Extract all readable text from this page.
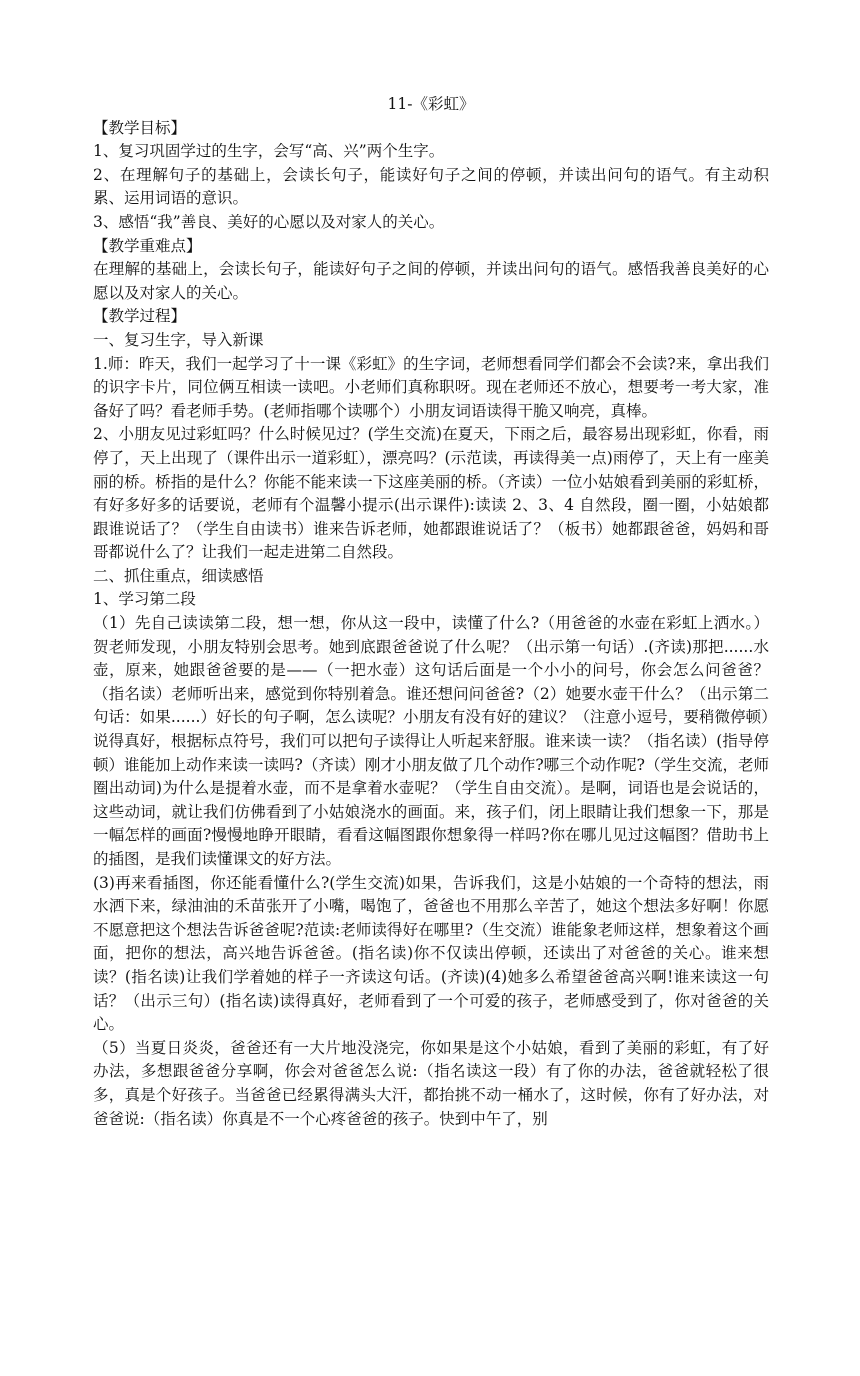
11-《彩虹》

【教学目标】

1、复习巩固学过的生字，会写“高、兴”两个生字。

2、在理解句子的基础上，会读长句子，能读好句子之间的停顿，并读出问句的语气。有主动积累、运用词语的意识。

3、感悟“我”善良、美好的心愿以及对家人的关心。

【教学重难点】

在理解的基础上，会读长句子，能读好句子之间的停顿，并读出问句的语气。感悟我善良美好的心愿以及对家人的关心。

【教学过程】

一、复习生字，导入新课

1.师：昨天，我们一起学习了十一课《彩虹》的生字词，老师想看同学们都会不会读?来，拿出我们的识字卡片，同位俩互相读一读吧。小老师们真称职呀。现在老师还不放心，想要考一考大家，准备好了吗？看老师手势。(老师指哪个读哪个）小朋友词语读得干脆又响亮，真棒。

2、小朋友见过彩虹吗？什么时候见过？(学生交流)在夏天，下雨之后，最容易出现彩虹，你看，雨停了，天上出现了（课件出示一道彩虹），漂亮吗？(示范读，再读得美一点)雨停了，天上有一座美丽的桥。桥指的是什么？你能不能来读一下这座美丽的桥。（齐读）一位小姑娘看到美丽的彩虹桥，有好多好多的话要说，老师有个温馨小提示(出示课件):读读 2、3、4 自然段，圈一圈，小姑娘都跟谁说话了？（学生自由读书）谁来告诉老师，她都跟谁说话了？（板书）她都跟爸爸，妈妈和哥哥都说什么了？让我们一起走进第二自然段。

二、抓住重点，细读感悟

1、学习第二段

（1）先自己读读第二段，想一想，你从这一段中，读懂了什么?（用爸爸的水壶在彩虹上洒水。）贺老师发现，小朋友特别会思考。她到底跟爸爸说了什么呢？（出示第一句话）.(齐读)那把......水壶，原来，她跟爸爸要的是——（一把水壶）这句话后面是一个小小的问号，你会怎么问爸爸？（指名读）老师听出来，感觉到你特别着急。谁还想问问爸爸?（2）她要水壶干什么？（出示第二句话：如果......）好长的句子啊，怎么读呢？小朋友有没有好的建议？（注意小逗号，要稍微停顿）说得真好，根据标点符号，我们可以把句子读得让人听起来舒服。谁来读一读？（指名读）(指导停顿）谁能加上动作来读一读吗?（齐读）刚才小朋友做了几个动作?哪三个动作呢?（学生交流，老师圈出动词)为什么是提着水壶，而不是拿着水壶呢？（学生自由交流）。是啊，词语也是会说话的，这些动词，就让我们仿佛看到了小姑娘浇水的画面。来，孩子们，闭上眼睛让我们想象一下，那是一幅怎样的画面?慢慢地睁开眼睛，看看这幅图跟你想象得一样吗?你在哪儿见过这幅图？借助书上的插图，是我们读懂课文的好方法。

(3)再来看插图，你还能看懂什么?(学生交流)如果，告诉我们，这是小姑娘的一个奇特的想法，雨水洒下来，绿油油的禾苗张开了小嘴，喝饱了，爸爸也不用那么辛苦了，她这个想法多好啊！你愿不愿意把这个想法告诉爸爸呢?范读:老师读得好在哪里?（生交流）谁能象老师这样，想象着这个画面，把你的想法，高兴地告诉爸爸。(指名读)你不仅读出停顿，还读出了对爸爸的关心。谁来想读？(指名读)让我们学着她的样子一齐读这句话。(齐读)(4)她多么希望爸爸高兴啊!谁来读这一句话？（出示三句）(指名读)读得真好，老师看到了一个可爱的孩子，老师感受到了，你对爸爸的关心。

（5）当夏日炎炎，爸爸还有一大片地没浇完，你如果是这个小姑娘，看到了美丽的彩虹，有了好办法，多想跟爸爸分享啊，你会对爸爸怎么说:（指名读这一段）有了你的办法，爸爸就轻松了很多，真是个好孩子。当爸爸已经累得满头大汗，都抬挑不动一桶水了，这时候，你有了好办法，对爸爸说:（指名读）你真是不一个心疼爸爸的孩子。快到中午了，别
